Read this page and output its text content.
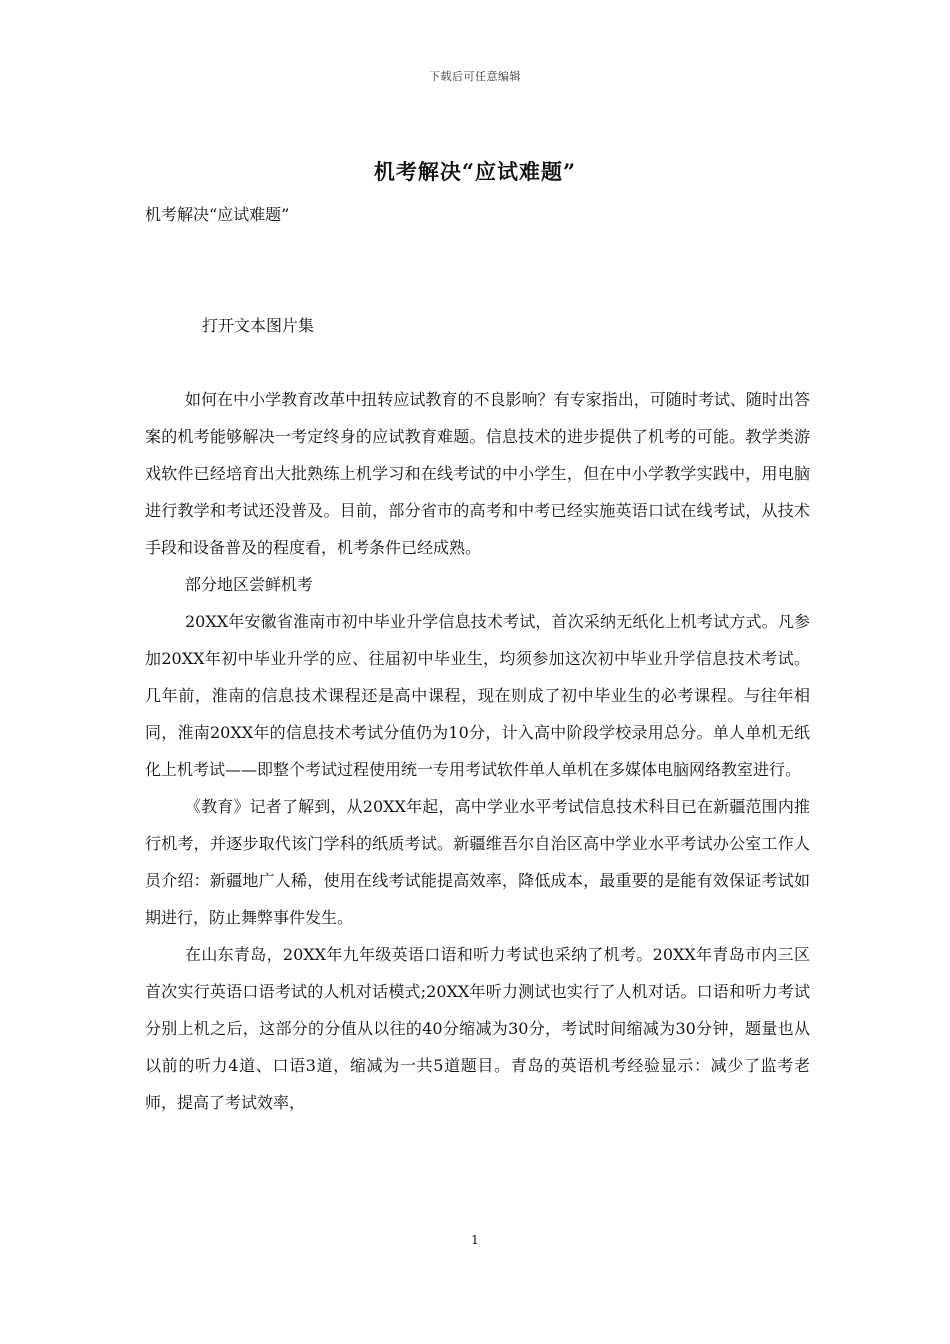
下载后可任意编辑
机考解决“应试难题”
机考解决“应试难题”
打开文本图片集

如何在中小学教育改革中扭转应试教育的不良影响？有专家指出，可随时考试、随时出答案的机考能够解决一考定终身的应试教育难题。信息技术的进步提供了机考的可能。教学类游戏软件已经培育出大批熟练上机学习和在线考试的中小学生，但在中小学教学实践中，用电脑进行教学和考试还没普及。目前，部分省市的高考和中考已经实施英语口试在线考试，从技术手段和设备普及的程度看，机考条件已经成熟。

部分地区尝鲜机考

20XX年安徽省淮南市初中毕业升学信息技术考试，首次采纳无纸化上机考试方式。凡参加20XX年初中毕业升学的应、往届初中毕业生，均须参加这次初中毕业升学信息技术考试。几年前，淮南的信息技术课程还是高中课程，现在则成了初中毕业生的必考课程。与往年相同，淮南20XX年的信息技术考试分值仍为10分，计入高中阶段学校录用总分。单人单机无纸化上机考试——即整个考试过程使用统一专用考试软件单人单机在多媒体电脑网络教室进行。

《教育》记者了解到，从20XX年起，高中学业水平考试信息技术科目已在新疆范围内推行机考，并逐步取代该门学科的纸质考试。新疆维吾尔自治区高中学业水平考试办公室工作人员介绍：新疆地广人稀，使用在线考试能提高效率，降低成本，最重要的是能有效保证考试如期进行，防止舞弊事件发生。

在山东青岛，20XX年九年级英语口语和听力考试也采纳了机考。20XX年青岛市内三区首次实行英语口语考试的人机对话模式;20XX年听力测试也实行了人机对话。口语和听力考试分别上机之后，这部分的分值从以往的40分缩减为30分，考试时间缩减为30分钟，题量也从以前的听力4道、口语3道，缩减为一共5道题目。青岛的英语机考经验显示：减少了监考老师，提高了考试效率，

1
